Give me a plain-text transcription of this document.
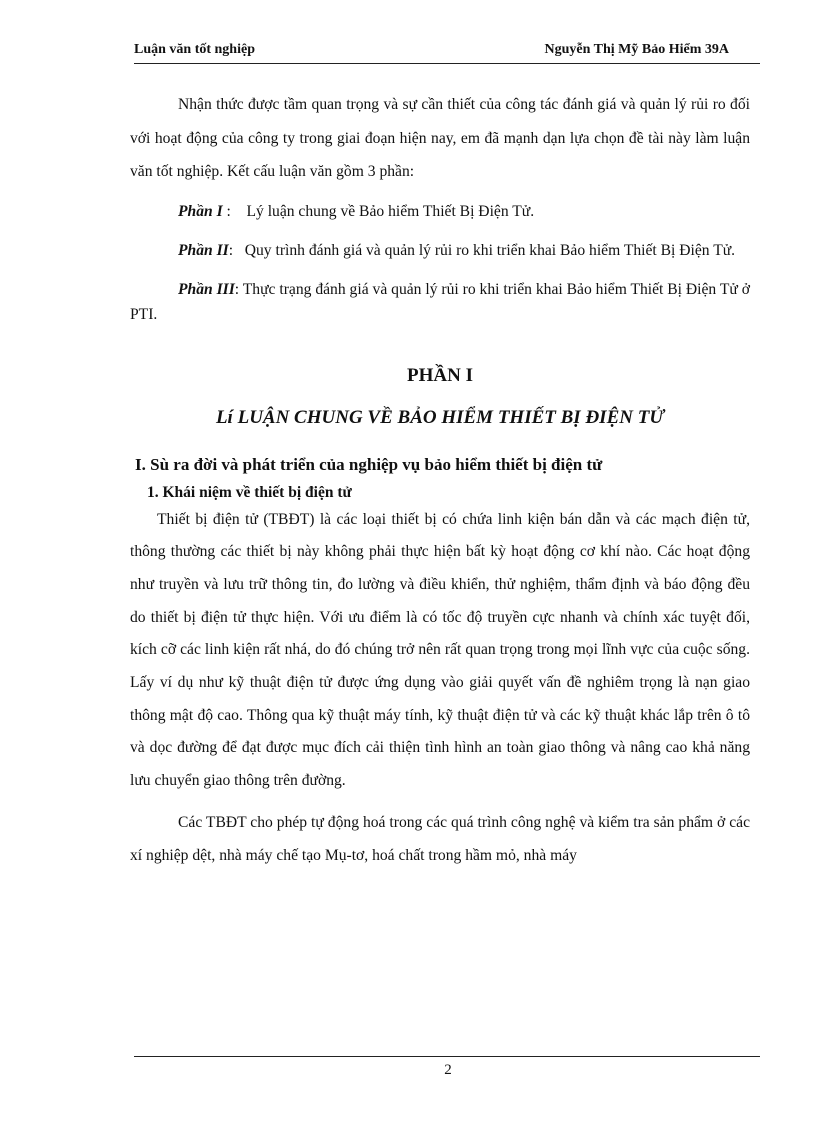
Luận văn tốt nghiệp	Nguyễn Thị Mỹ Bảo Hiểm 39A

Nhận thức được tầm quan trọng và sự cần thiết của công tác đánh giá và quản lý rủi ro đối với hoạt động của công ty trong giai đoạn hiện nay, em đã mạnh dạn lựa chọn đề tài này làm luận văn tốt nghiệp. Kết cấu luận văn gồm 3 phần:

Phần I : Lý luận chung về Bảo hiểm Thiết Bị Điện Tử.

Phần II: Quy trình đánh giá và quản lý rủi ro khi triển khai Bảo hiểm Thiết Bị Điện Tử.

Phần III: Thực trạng đánh giá và quản lý rủi ro khi triển khai Bảo hiểm Thiết Bị Điện Tử ở PTI.

PHẦN I

Lí LUẬN CHUNG VỀ BẢO HIỂM THIẾT BỊ ĐIỆN TỬ

I. Sù ra đời và phát triển của nghiệp vụ bảo hiểm thiết bị điện tử

1. Khái niệm về thiết bị điện tử

Thiết bị điện tử (TBĐT) là các loại thiết bị có chứa linh kiện bán dẫn và các mạch điện tử, thông thường các thiết bị này không phải thực hiện bất kỳ hoạt động cơ khí nào. Các hoạt động như truyền và lưu trữ thông tin, đo lường và điều khiển, thử nghiệm, thẩm định và báo động đều do thiết bị điện tử thực hiện. Với ưu điểm là có tốc độ truyền cực nhanh và chính xác tuyệt đối, kích cỡ các linh kiện rất nhá, do đó chúng trở nên rất quan trọng trong mọi lĩnh vực của cuộc sống. Lấy ví dụ như kỹ thuật điện tử được ứng dụng vào giải quyết vấn đề nghiêm trọng là nạn giao thông mật độ cao. Thông qua kỹ thuật máy tính, kỹ thuật điện tử và các kỹ thuật khác lắp trên ô tô và dọc đường để đạt được mục đích cải thiện tình hình an toàn giao thông và nâng cao khả năng lưu chuyển giao thông trên đường.

Các TBĐT cho phép tự động hoá trong các quá trình công nghệ và kiểm tra sản phẩm ở các xí nghiệp dệt, nhà máy chế tạo Mụ-tơ, hoá chất trong hầm mỏ, nhà máy

2
